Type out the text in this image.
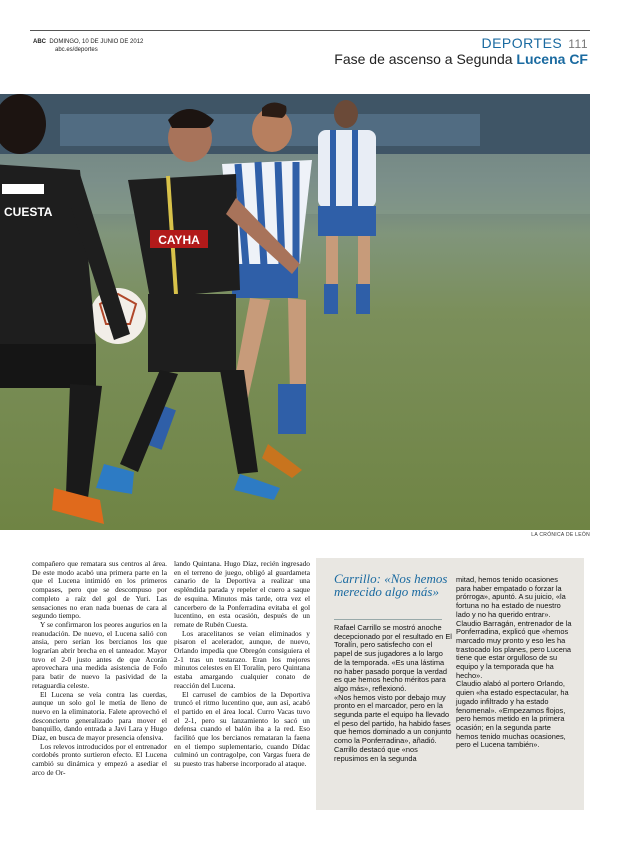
ABC DOMINGO, 10 DE JUNIO DE 2012
abc.es/deportes	DEPORTES 111
Fase de ascenso a Segunda Lucena CF
CAYHA
CUESTA
El delantero del Lucena Matías Saad y el medio Rubén Cuesta protegen el esférico, ayer, en El
LA CRÓNICA DE LEÓN

compañero que rematara sus centros al área. De este modo acabó una primera parte en la que el Lucena intimidó en los primeros compases, pero que se descompuso por completo a raíz del gol de Yuri. Las sensaciones no eran nada buenas de cara al segundo tiempo.

Y se confirmaron los peores augurios en la reanudación. De nuevo, el Lucena salió con ansia, pero serían los bercianos los que lograrían abrir brecha en el tanteador. Mayor tuvo el 2-0 justo antes de que Acorán aprovechara una medida asistencia de Fofo para batir de nuevo la pasividad de la retaguardia celeste.

El Lucena se veía contra las cuerdas, aunque un solo gol le metía de lleno de nuevo en la eliminatoria. Falete aprovechó el desconcierto generalizado para mover el banquillo, dando entrada a Javi Lara y Hugo Díaz, en busca de mayor presencia ofensiva.

Los relevos introducidos por el entrenador cordobés pronto surtieron efecto. El Lucena cambió su dinámica y empezó a asediar el arco de Or-

lando Quintana. Hugo Díaz, recién ingresado en el terreno de juego, obligó al guardameta canario de la Deportiva a realizar una espléndida parada y repeler el cuero a saque de esquina. Minutos más tarde, otra vez el cancerbero de la Ponferradina evitaba el gol lucentino, en esta ocasión, después de un remate de Rubén Cuesta.

Los aracelitanos se veían eliminados y pisaron el acelerador, aunque, de nuevo, Orlando impedía que Obregón consiguiera el 2-1 tras un testarazo. Eran los mejores minutos celestes en El Toralín, pero Quintana estaba amargando cualquier conato de reacción del Lucena.

El carrusel de cambios de la Deportiva truncó el ritmo lucentino que, aun así, acabó el partido en el área local. Curro Vacas tuvo el 2-1, pero su lanzamiento lo sacó un defensa cuando el balón iba a la red. Eso facilitó que los bercianos remataran la faena en el tiempo suplementario, cuando Dídac culminó un contragolpe, con Vargas fuera de su puesto tras haberse incorporado al ataque.

Carrillo: «Nos hemos merecido algo más»

Rafael Carrillo se mostró anoche decepcionado por el resultado en El Toralín, pero satisfecho con el papel de sus jugadores a lo largo de la temporada. «Es una lástima no haber pasado porque la verdad es que hemos hecho méritos para algo más», reflexionó.

«Nos hemos visto por debajo muy pronto en el marcador, pero en la segunda parte el equipo ha llevado el peso del partido, ha habido fases que hemos dominado a un conjunto como la Ponferradina», añadió. Carrillo destacó que «nos repusimos en la segunda

mitad, hemos tenido ocasiones para haber empatado o forzar la prórroga», apuntó. A su juicio, «la fortuna no ha estado de nuestro lado y no ha querido entrar».

Claudio Barragán, entrenador de la Ponferradina, explicó que «hemos marcado muy pronto y eso les ha trastocado los planes, pero Lucena tiene que estar orgulloso de su equipo y la temporada que ha hecho».

Claudio alabó al portero Orlando, quien «ha estado espectacular, ha jugado infiltrado y ha estado fenomenal». «Empezamos flojos, pero hemos metido en la primera ocasión; en la segunda parte hemos tenido muchas ocasiones, pero el Lucena también».
